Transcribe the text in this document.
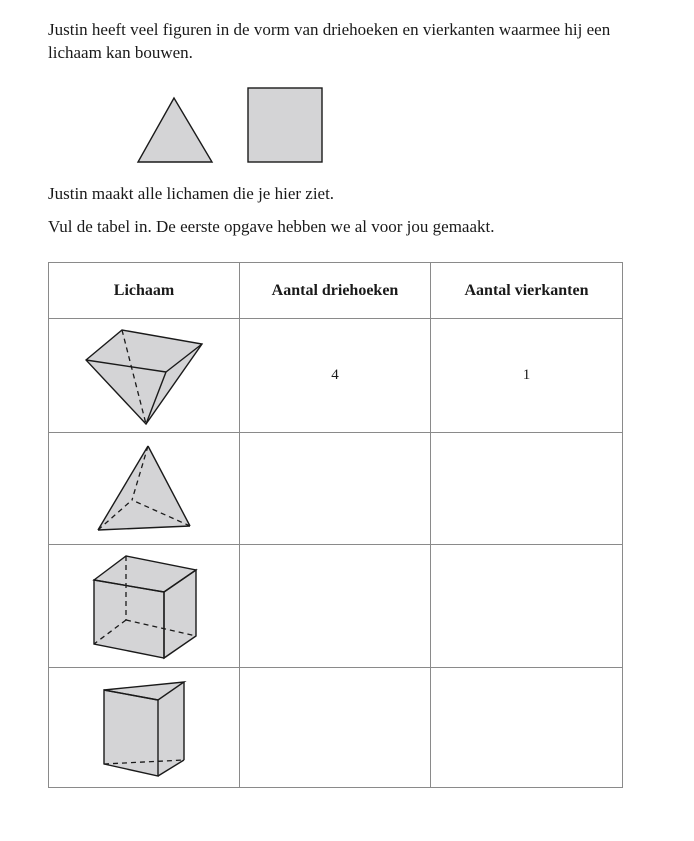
Justin heeft veel figuren in de vorm van driehoeken en vierkanten waarmee hij een lichaam kan bouwen.

Justin maakt alle lichamen die je hier ziet.

Vul de tabel in. De eerste opgave hebben we al voor jou gemaakt.

Lichaam	Aantal driehoeken	Aantal vierkanten

	4	1
